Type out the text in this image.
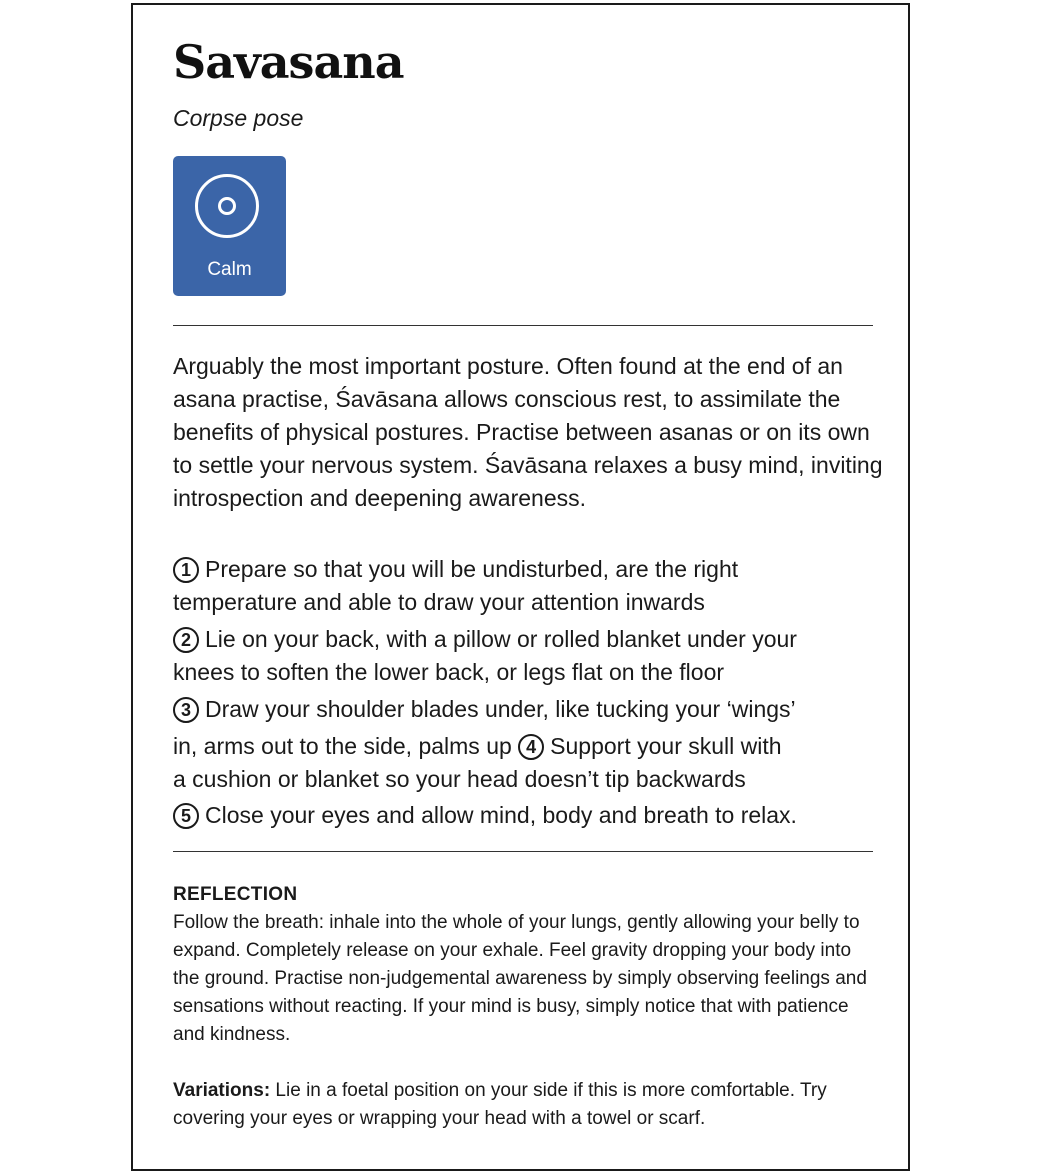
Savasana
Corpse pose
Calm

Arguably the most important posture. Often found at the end of an asana practise, Śavāsana allows conscious rest, to assimilate the benefits of physical postures. Practise between asanas or on its own to settle your nervous system. Śavāsana relaxes a busy mind, inviting introspection and deepening awareness.

1 Prepare so that you will be undisturbed, are the right
temperature and able to draw your attention inwards
2 Lie on your back, with a pillow or rolled blanket under your
knees to soften the lower back, or legs flat on the floor
3 Draw your shoulder blades under, like tucking your ‘wings’
in, arms out to the side, palms up 4 Support your skull with
a cushion or blanket so your head doesn’t tip backwards
5 Close your eyes and allow mind, body and breath to relax.
REFLECTION

Follow the breath: inhale into the whole of your lungs, gently allowing your belly to expand. Completely release on your exhale. Feel gravity dropping your body into the ground. Practise non-judgemental awareness by simply observing feelings and sensations without reacting. If your mind is busy, simply notice that with patience and kindness.

Variations: Lie in a foetal position on your side if this is more comfortable. Try covering your eyes or wrapping your head with a towel or scarf.
